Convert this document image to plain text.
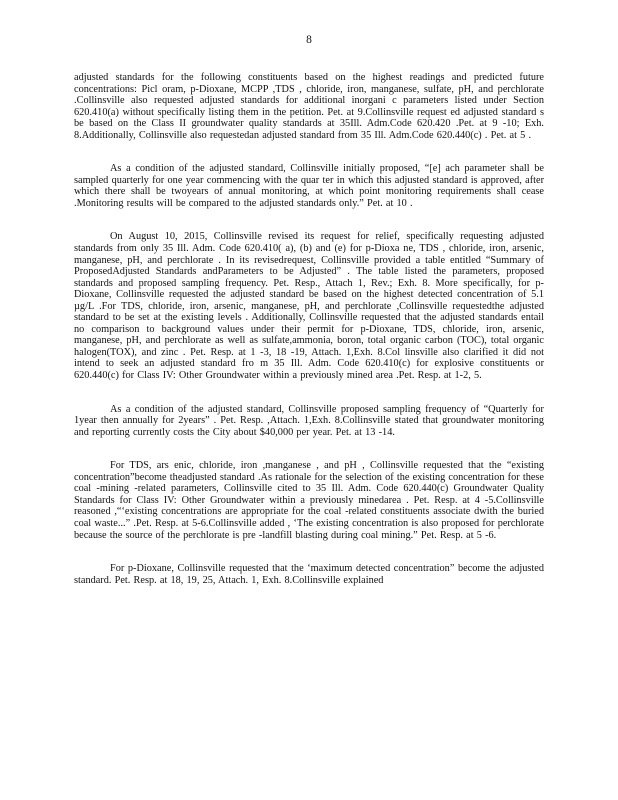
8

adjusted standards for the following constituents based on the highest readings and predicted future concentrations: Picl oram, p-Dioxane, MCPP ,TDS , chloride, iron, manganese, sulfate, pH, and perchlorate .Collinsville also requested adjusted standards for additional inorgani c parameters listed under Section 620.410(a) without specifically listing them in the petition. Pet. at 9.Collinsville request ed adjusted standard s be based on the Class II groundwater quality standards at 35Ill. Adm.Code 620.420 .Pet. at 9 -10; Exh. 8.Additionally, Collinsville also requestedan adjusted standard from 35 Ill. Adm.Code 620.440(c) . Pet. at 5 .

As a condition of the adjusted standard, Collinsville initially proposed, “[e] ach parameter shall be sampled quarterly for one year commencing with the quar ter in which this adjusted standard is approved, after which there shall be twoyears of annual monitoring, at which point monitoring requirements shall cease .Monitoring results will be compared to the adjusted standards only.” Pet. at 10 .

On August 10, 2015, Collinsville revised its request for relief, specifically requesting adjusted standards from only 35 Ill. Adm. Code 620.410( a), (b) and (e) for p-Dioxa ne, TDS , chloride, iron, arsenic, manganese, pH, and perchlorate . In its revisedrequest, Collinsville provided a table entitled “Summary of ProposedAdjusted Standards andParameters to be Adjusted” . The table listed the parameters, proposed standards and proposed sampling frequency. Pet. Resp., Attach 1, Rev.; Exh. 8. More specifically, for p-Dioxane, Collinsville requested the adjusted standard be based on the highest detected concentration of 5.1 µg/L .For TDS, chloride, iron, arsenic, manganese, pH, and perchlorate ,Collinsville requestedthe adjusted standard to be set at the existing levels . Additionally, Collinsville requested that the adjusted standards entail no comparison to background values under their permit for p-Dioxane, TDS, chloride, iron, arsenic, manganese, pH, and perchlorate as well as sulfate,ammonia, boron, total organic carbon (TOC), total organic halogen(TOX), and zinc . Pet. Resp. at 1 -3, 18 -19, Attach. 1,Exh. 8.Col linsville also clarified it did not intend to seek an adjusted standard fro m 35 Ill. Adm. Code 620.410(c) for explosive constituents or 620.440(c) for Class IV: Other Groundwater within a previously mined area .Pet. Resp. at 1-2, 5.

As a condition of the adjusted standard, Collinsville proposed sampling frequency of “Quarterly for 1year then annually for 2years” . Pet. Resp. ,Attach. 1,Exh. 8.Collinsville stated that groundwater monitoring and reporting currently costs the City about $40,000 per year. Pet. at 13 -14.

For TDS, ars enic, chloride, iron ,manganese , and pH , Collinsville requested that the “existing concentration”become theadjusted standard .As rationale for the selection of the existing concentration for these coal -mining -related parameters, Collinsville cited to 35 Ill. Adm. Code 620.440(c) Groundwater Quality Standards for Class IV: Other Groundwater within a previously minedarea . Pet. Resp. at 4 -5.Collinsville reasoned ,“‘existing concentrations are appropriate for the coal -related constituents associate dwith the buried coal waste...” .Pet. Resp. at 5-6.Collinsville added , ‘The existing concentration is also proposed for perchlorate because the source of the perchlorate is pre -landfill blasting during coal mining.” Pet. Resp. at 5 -6.

For p-Dioxane, Collinsville requested that the ‘maximum detected concentration” become the adjusted standard. Pet. Resp. at 18, 19, 25, Attach. 1, Exh. 8.Collinsville explained
